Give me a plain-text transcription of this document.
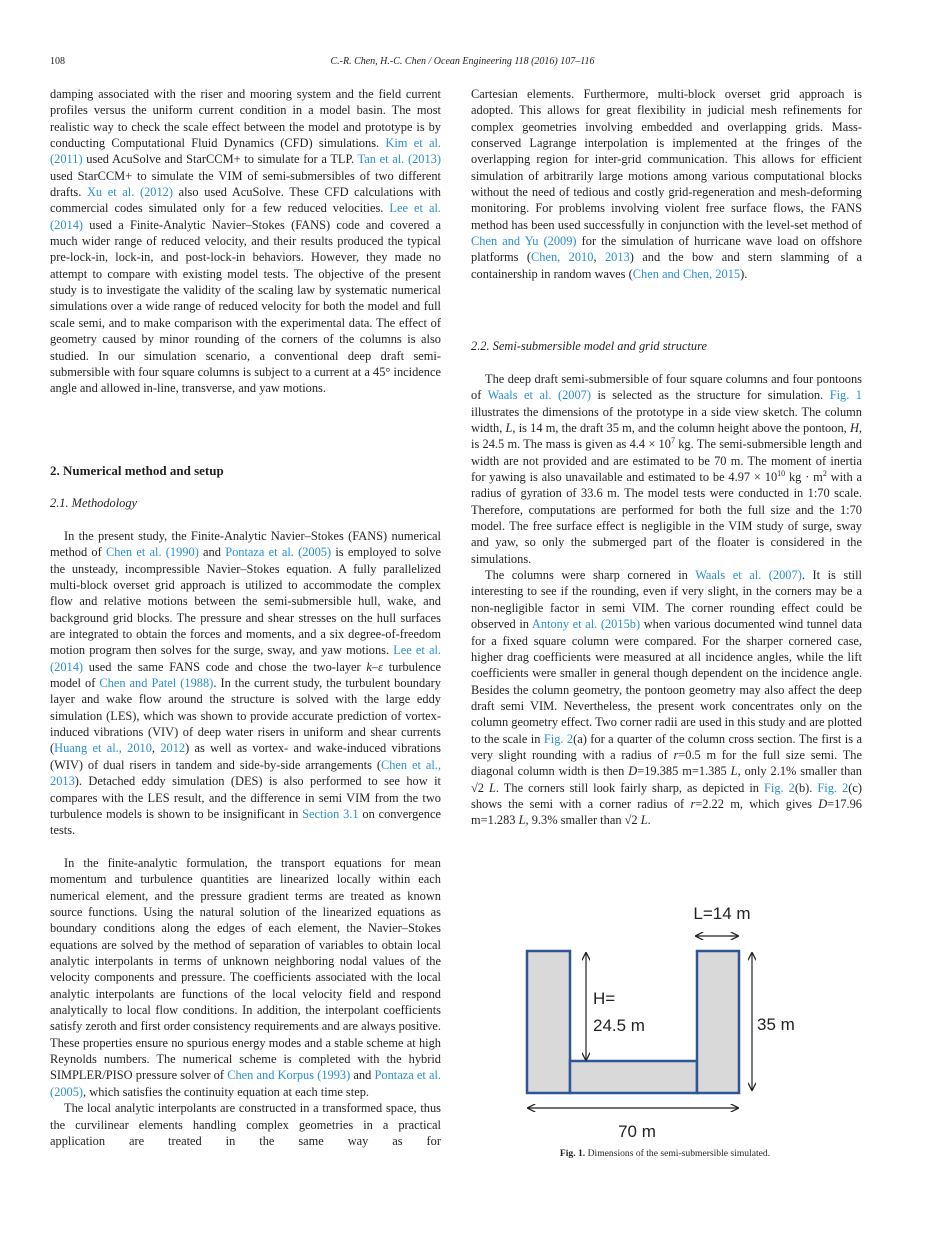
108	C.-R. Chen, H.-C. Chen / Ocean Engineering 118 (2016) 107–116

damping associated with the riser and mooring system and the field current profiles versus the uniform current condition in a model basin. The most realistic way to check the scale effect between the model and prototype is by conducting Computational Fluid Dynamics (CFD) simulations. Kim et al. (2011) used AcuSolve and StarCCM+ to simulate for a TLP. Tan et al. (2013) used StarCCM+ to simulate the VIM of semi-submersibles of two different drafts. Xu et al. (2012) also used AcuSolve. These CFD calculations with commercial codes simulated only for a few reduced velocities. Lee et al. (2014) used a Finite-Analytic Navier–Stokes (FANS) code and covered a much wider range of reduced velocity, and their results produced the typical pre-lock-in, lock-in, and post-lock-in behaviors. However, they made no attempt to compare with existing model tests. The objective of the present study is to investigate the validity of the scaling law by systematic numerical simulations over a wide range of reduced velocity for both the model and full scale semi, and to make comparison with the experimental data. The effect of geometry caused by minor rounding of the corners of the columns is also studied. In our simulation scenario, a conventional deep draft semi-submersible with four square columns is subject to a current at a 45° incidence angle and allowed in-line, transverse, and yaw motions.

2. Numerical method and setup
2.1. Methodology

In the present study, the Finite-Analytic Navier–Stokes (FANS) numerical method of Chen et al. (1990) and Pontaza et al. (2005) is employed to solve the unsteady, incompressible Navier–Stokes equation. A fully parallelized multi-block overset grid approach is utilized to accommodate the complex flow and relative motions between the semi-submersible hull, wake, and background grid blocks. The pressure and shear stresses on the hull surfaces are integrated to obtain the forces and moments, and a six degree-of-freedom motion program then solves for the surge, sway, and yaw motions. Lee et al. (2014) used the same FANS code and chose the two-layer k–ε turbulence model of Chen and Patel (1988). In the current study, the turbulent boundary layer and wake flow around the structure is solved with the large eddy simulation (LES), which was shown to provide accurate prediction of vortex-induced vibrations (VIV) of deep water risers in uniform and shear currents (Huang et al., 2010, 2012) as well as vortex- and wake-induced vibrations (WIV) of dual risers in tandem and side-by-side arrangements (Chen et al., 2013). Detached eddy simulation (DES) is also performed to see how it compares with the LES result, and the difference in semi VIM from the two turbulence models is shown to be insignificant in Section 3.1 on convergence tests.

In the finite-analytic formulation, the transport equations for mean momentum and turbulence quantities are linearized locally within each numerical element, and the pressure gradient terms are treated as known source functions. Using the natural solution of the linearized equations as boundary conditions along the edges of each element, the Navier–Stokes equations are solved by the method of separation of variables to obtain local analytic interpolants in terms of unknown neighboring nodal values of the velocity components and pressure. The coefficients associated with the local analytic interpolants are functions of the local velocity field and respond analytically to local flow conditions. In addition, the interpolant coefficients satisfy zeroth and first order consistency requirements and are always positive. These properties ensure no spurious energy modes and a stable scheme at high Reynolds numbers. The numerical scheme is completed with the hybrid SIMPLER/PISO pressure solver of Chen and Korpus (1993) and Pontaza et al. (2005), which satisfies the continuity equation at each time step.

The local analytic interpolants are constructed in a transformed space, thus the curvilinear elements handling complex geometries in a practical application are treated in the same way as for

Cartesian elements. Furthermore, multi-block overset grid approach is adopted. This allows for great flexibility in judicial mesh refinements for complex geometries involving embedded and overlapping grids. Mass-conserved Lagrange interpolation is implemented at the fringes of the overlapping region for inter-grid communication. This allows for efficient simulation of arbitrarily large motions among various computational blocks without the need of tedious and costly grid-regeneration and mesh-deforming monitoring. For problems involving violent free surface flows, the FANS method has been used successfully in conjunction with the level-set method of Chen and Yu (2009) for the simulation of hurricane wave load on offshore platforms (Chen, 2010, 2013) and the bow and stern slamming of a containership in random waves (Chen and Chen, 2015).

2.2. Semi-submersible model and grid structure

The deep draft semi-submersible of four square columns and four pontoons of Waals et al. (2007) is selected as the structure for simulation. Fig. 1 illustrates the dimensions of the prototype in a side view sketch. The column width, L, is 14 m, the draft 35 m, and the column height above the pontoon, H, is 24.5 m. The mass is given as $4.4 \times 10^7$ kg. The semi-submersible length and width are not provided and are estimated to be 70 m. The moment of inertia for yawing is also unavailable and estimated to be $4.97 \times 10^{10}$ kg · $m^2$ with a radius of gyration of 33.6 m. The model tests were conducted in 1:70 scale. Therefore, computations are performed for both the full size and the 1:70 model. The free surface effect is negligible in the VIM study of surge, sway and yaw, so only the submerged part of the floater is considered in the simulations.

The columns were sharp cornered in Waals et al. (2007). It is still interesting to see if the rounding, even if very slight, in the corners may be a non-negligible factor in semi VIM. The corner rounding effect could be observed in Antony et al. (2015b) when various documented wind tunnel data for a fixed square column were compared. For the sharper cornered case, higher drag coefficients were measured at all incidence angles, while the lift coefficients were smaller in general though dependent on the incidence angle. Besides the column geometry, the pontoon geometry may also affect the deep draft semi VIM. Nevertheless, the present work concentrates only on the column geometry effect. Two corner radii are used in this study and are plotted to the scale in Fig. 2(a) for a quarter of the column cross section. The first is a very slight rounding with a radius of r=0.5 m for the full size semi. The diagonal column width is then D=19.385 m=1.385 L, only 2.1% smaller than √2 L. The corners still look fairly sharp, as depicted in Fig. 2(b). Fig. 2(c) shows the semi with a corner radius of r=2.22 m, which gives D=17.96 m=1.283 L, 9.3% smaller than √2 L.

L=14 m
H=
24.5 m	35 m
70 m
Fig. 1. Dimensions of the semi-submersible simulated.
